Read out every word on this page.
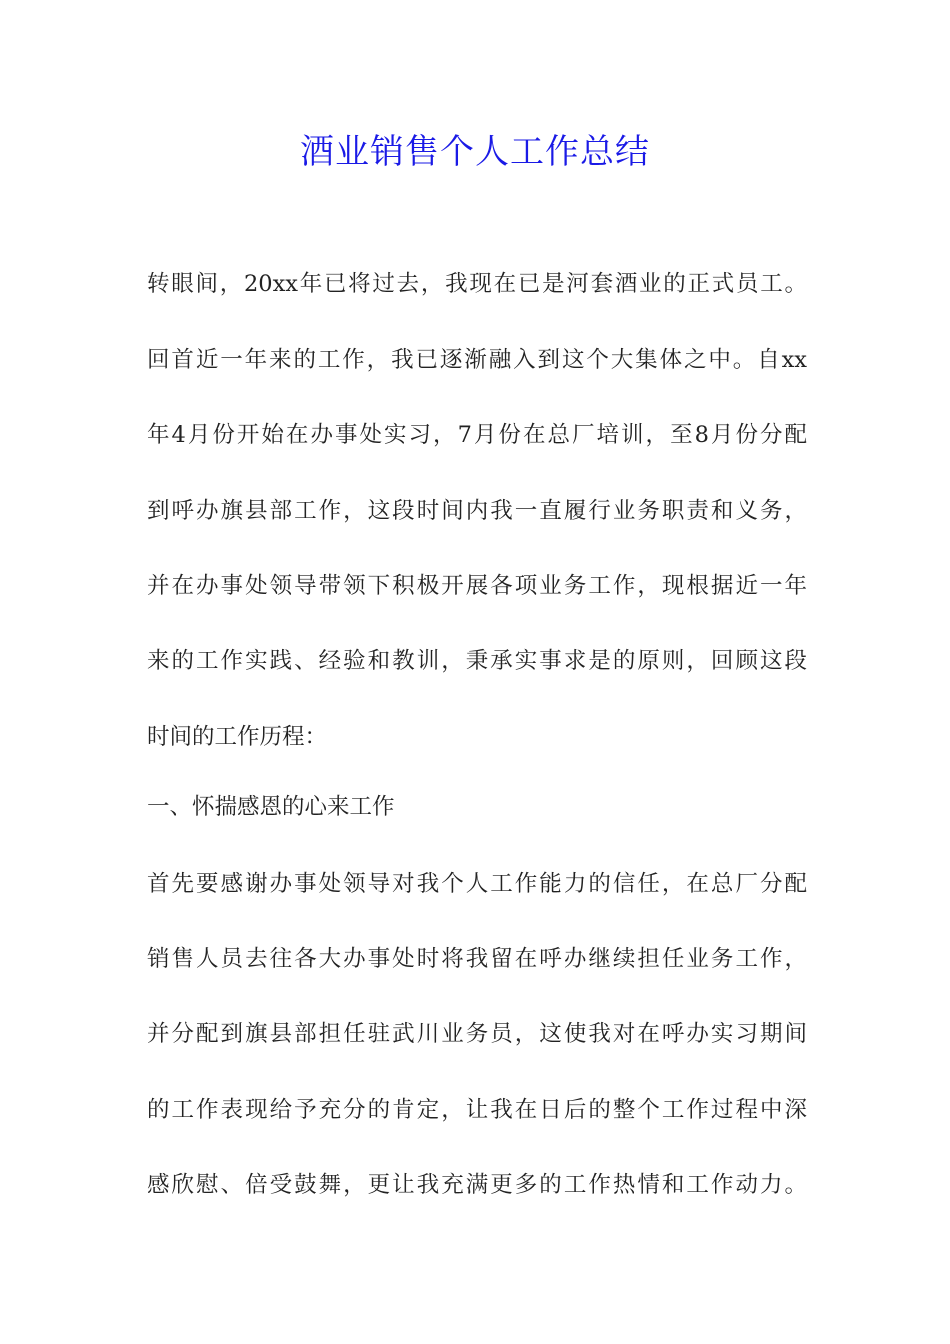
酒业销售个人工作总结

转眼间，20xx年已将过去，我现在已是河套酒业的正式员工。

回首近一年来的工作，我已逐渐融入到这个大集体之中。自xx

年4月份开始在办事处实习，7月份在总厂培训，至8月份分配

到呼办旗县部工作，这段时间内我一直履行业务职责和义务，

并在办事处领导带领下积极开展各项业务工作，现根据近一年

来的工作实践、经验和教训，秉承实事求是的原则，回顾这段

时间的工作历程：

一、怀揣感恩的心来工作

首先要感谢办事处领导对我个人工作能力的信任，在总厂分配

销售人员去往各大办事处时将我留在呼办继续担任业务工作，

并分配到旗县部担任驻武川业务员，这使我对在呼办实习期间

的工作表现给予充分的肯定，让我在日后的整个工作过程中深

感欣慰、倍受鼓舞，更让我充满更多的工作热情和工作动力。
